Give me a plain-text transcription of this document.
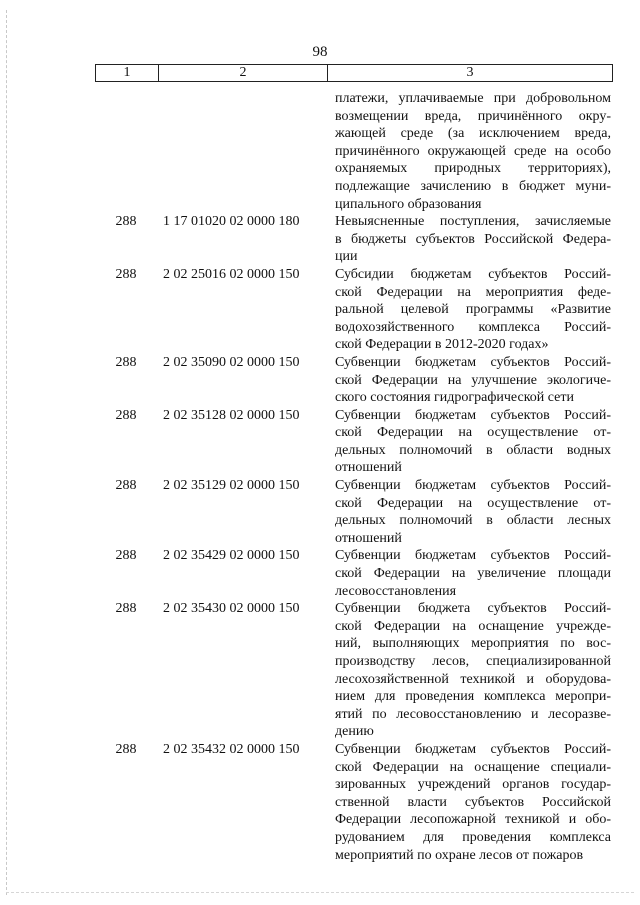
98
1	2	3
платежи, уплачиваемые при добровольном
возмещении вреда, причинённого окру-
жающей среде (за исключением вреда,
причинённого окружающей среде на особо
охраняемых природных территориях),
подлежащие зачислению в бюджет муни-
ципального образования
288	1 17 01020 02 0000 180	Невыясненные поступления, зачисляемые
в бюджеты субъектов Российской Федера-
ции
288	2 02 25016 02 0000 150	Субсидии бюджетам субъектов Россий-
ской Федерации на мероприятия феде-
ральной целевой программы «Развитие
водохозяйственного комплекса Россий-
ской Федерации в 2012-2020 годах»
288	2 02 35090 02 0000 150	Субвенции бюджетам субъектов Россий-
ской Федерации на улучшение экологиче-
ского состояния гидрографической сети
288	2 02 35128 02 0000 150	Субвенции бюджетам субъектов Россий-
ской Федерации на осуществление от-
дельных полномочий в области водных
отношений
288	2 02 35129 02 0000 150	Субвенции бюджетам субъектов Россий-
ской Федерации на осуществление от-
дельных полномочий в области лесных
отношений
288	2 02 35429 02 0000 150	Субвенции бюджетам субъектов Россий-
ской Федерации на увеличение площади
лесовосстановления
288	2 02 35430 02 0000 150	Субвенции бюджета субъектов Россий-
ской Федерации на оснащение учрежде-
ний, выполняющих мероприятия по вос-
производству лесов, специализированной
лесохозяйственной техникой и оборудова-
нием для проведения комплекса меропри-
ятий по лесовосстановлению и лесоразве-
дению
288	2 02 35432 02 0000 150	Субвенции бюджетам субъектов Россий-
ской Федерации на оснащение специали-
зированных учреждений органов государ-
ственной власти субъектов Российской
Федерации лесопожарной техникой и обо-
рудованием для проведения комплекса
мероприятий по охране лесов от пожаров
